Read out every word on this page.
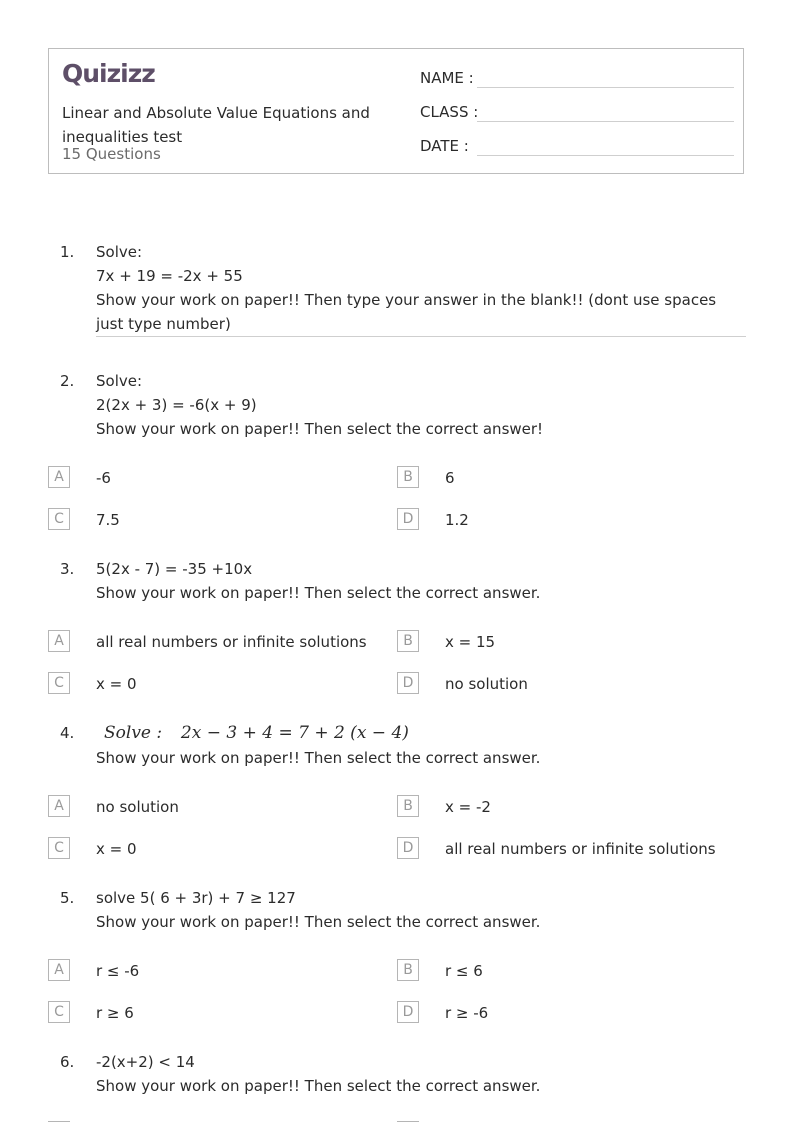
Quizizz
Linear and Absolute Value Equations and inequalities test
15 Questions
NAME :
CLASS :
DATE :
1. Solve:
7x + 19 = -2x + 55
Show your work on paper!! Then type your answer in the blank!! (dont use spaces just type number)
2. Solve:
2(2x + 3) = -6(x + 9)
Show your work on paper!! Then select the correct answer!
A	-6	B	6
C	7.5	D	1.2
3. 5(2x - 7) = -35 +10x
Show your work on paper!! Then select the correct answer.
A	all real numbers or infinite solutions	B	x = 15
C	x = 0	D	no solution
4.	Solve : 2x − 3 + 4 = 7 + 2 (x − 4)
Show your work on paper!! Then select the correct answer.
A	no solution	B	x = -2
C	x = 0	D	all real numbers or infinite solutions
5. solve 5( 6 + 3r) + 7 ≥ 127
Show your work on paper!! Then select the correct answer.
A	r ≤ -6	B	r ≤ 6
C	r ≥ 6	D	r ≥ -6
6. -2(x+2) < 14
Show your work on paper!! Then select the correct answer.
